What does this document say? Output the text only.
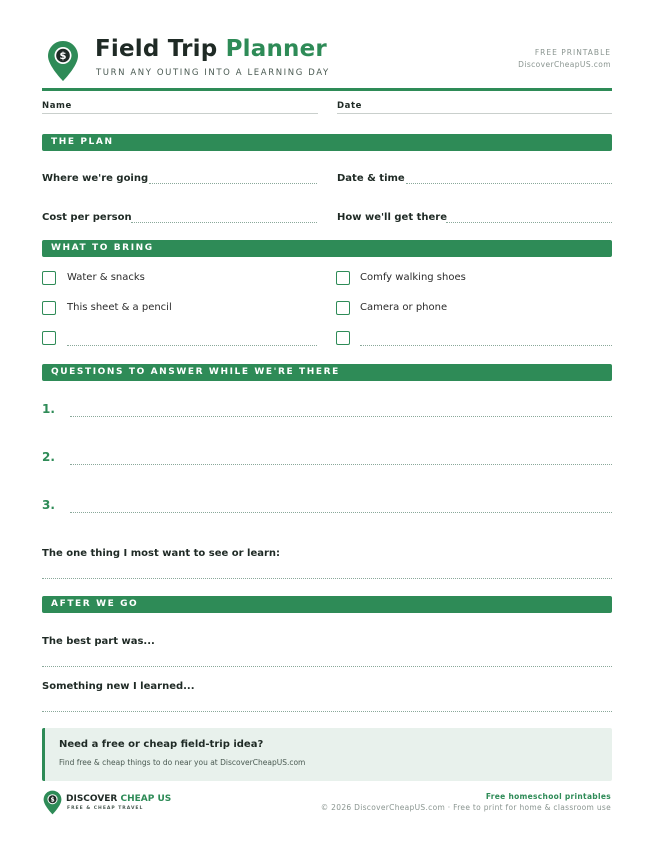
$ Field Trip Planner
TURN ANY OUTING INTO A LEARNING DAY
FREE PRINTABLE
DiscoverCheapUS.com
Name	Date
THE PLAN
Where we're going	Date & time
Cost per person	How we'll get there
WHAT TO BRING
Water & snacks	Comfy walking shoes
This sheet & a pencil	Camera or phone
QUESTIONS TO ANSWER WHILE WE'RE THERE
1.
2.
3.
The one thing I most want to see or learn:
AFTER WE GO
The best part was...
Something new I learned...
Need a free or cheap field-trip idea?
Find free & cheap things to do near you at DiscoverCheapUS.com
$ DISCOVER CHEAP US
FREE & CHEAP TRAVEL
Free homeschool printables
© 2026 DiscoverCheapUS.com · Free to print for home & classroom use
